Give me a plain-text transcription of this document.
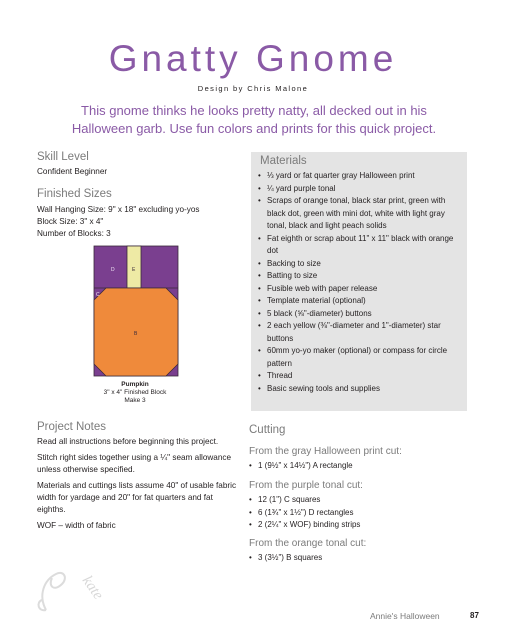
Gnatty Gnome
Design by Chris Malone
This gnome thinks he looks pretty natty, all decked out in his Halloween garb. Use fun colors and prints for this quick project.
Skill Level
Confident Beginner
Finished Sizes
Wall Hanging Size: 9" x 18" excluding yo-yos
Block Size: 3" x 4"
Number of Blocks: 3
D	E
C
B
Pumpkin
3" x 4" Finished Block
Make 3
Project Notes
Read all instructions before beginning this project.
Stitch right sides together using a ¼" seam allowance unless otherwise specified.
Materials and cuttings lists assume 40" of usable fabric width for yardage and 20" for fat quarters and fat eighths.
WOF – width of fabric
kate
Materials
• ⅓ yard or fat quarter gray Halloween print
• ¼ yard purple tonal
• Scraps of orange tonal, black star print, green with black dot, green with mini dot, white with light gray tonal, black and light peach solids
• Fat eighth or scrap about 11" x 11" black with orange dot
• Backing to size
• Batting to size
• Fusible web with paper release
• Template material (optional)
• 5 black (⅝"-diameter) buttons
• 2 each yellow (⅜"-diameter and 1"-diameter) star buttons
• 60mm yo-yo maker (optional) or compass for circle pattern
• Thread
• Basic sewing tools and supplies
Cutting
From the gray Halloween print cut:
• 1 (9½" x 14½") A rectangle
From the purple tonal cut:
• 12 (1") C squares
• 6 (1¾" x 1½") D rectangles
• 2 (2¼" x WOF) binding strips
From the orange tonal cut:
• 3 (3½") B squares
Annie's Halloween	87
